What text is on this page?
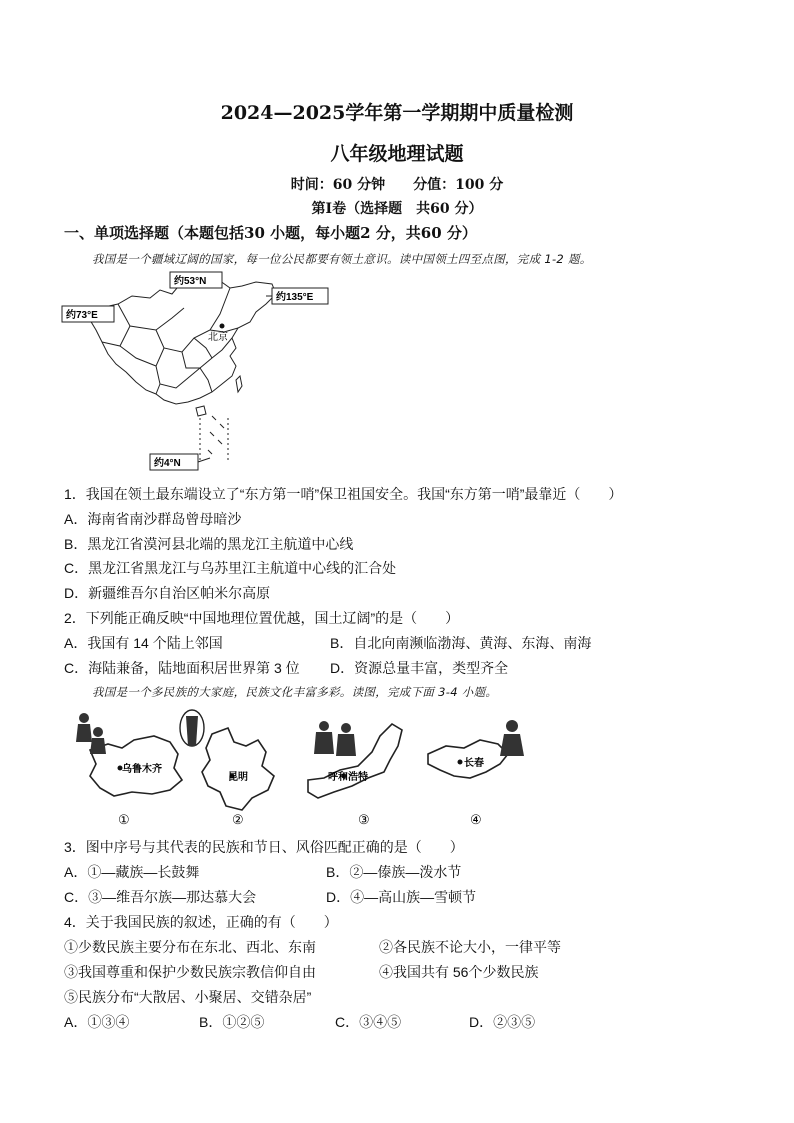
2024—2025学年第一学期期中质量检测
八年级地理试题
时间：60 分钟　　分值：100 分
第Ⅰ卷（选择题　共60 分）
一、单项选择题（本题包括30 小题，每小题2 分，共60 分）
我国是一个疆域辽阔的国家，每一位公民都要有领土意识。读中国领土四至点图，完成 1-2 题。
北京
约53°N
约135°E
约73°E
约4°N
1．我国在领土最东端设立了“东方第一哨”保卫祖国安全。我国“东方第一哨”最靠近（　　）
A．海南省南沙群岛曾母暗沙
B．黑龙江省漠河县北端的黑龙江主航道中心线
C．黑龙江省黑龙江与乌苏里江主航道中心线的汇合处
D．新疆维吾尔自治区帕米尔高原
2．下列能正确反映“中国地理位置优越，国土辽阔”的是（　　）
A．我国有 14 个陆上邻国	B．自北向南濒临渤海、黄海、东海、南海
C．海陆兼备，陆地面积居世界第 3 位 D．资源总量丰富，类型齐全
我国是一个多民族的大家庭，民族文化丰富多彩。读图，完成下面 3-4 小题。
乌鲁木齐
昆明	呼和浩特
长春
①	②	③	④
3．图中序号与其代表的民族和节日、风俗匹配正确的是（　　）
A．①—藏族—长鼓舞	B．②—傣族—泼水节
C．③—维吾尔族—那达慕大会	D．④—高山族—雪顿节
4．关于我国民族的叙述，正确的有（　　）
①少数民族主要分布在东北、西北、东南	②各民族不论大小，一律平等
③我国尊重和保护少数民族宗教信仰自由	④我国共有 56个少数民族
⑤民族分布“大散居、小聚居、交错杂居”
A．①③④	B．①②⑤	C．③④⑤	D．②③⑤
